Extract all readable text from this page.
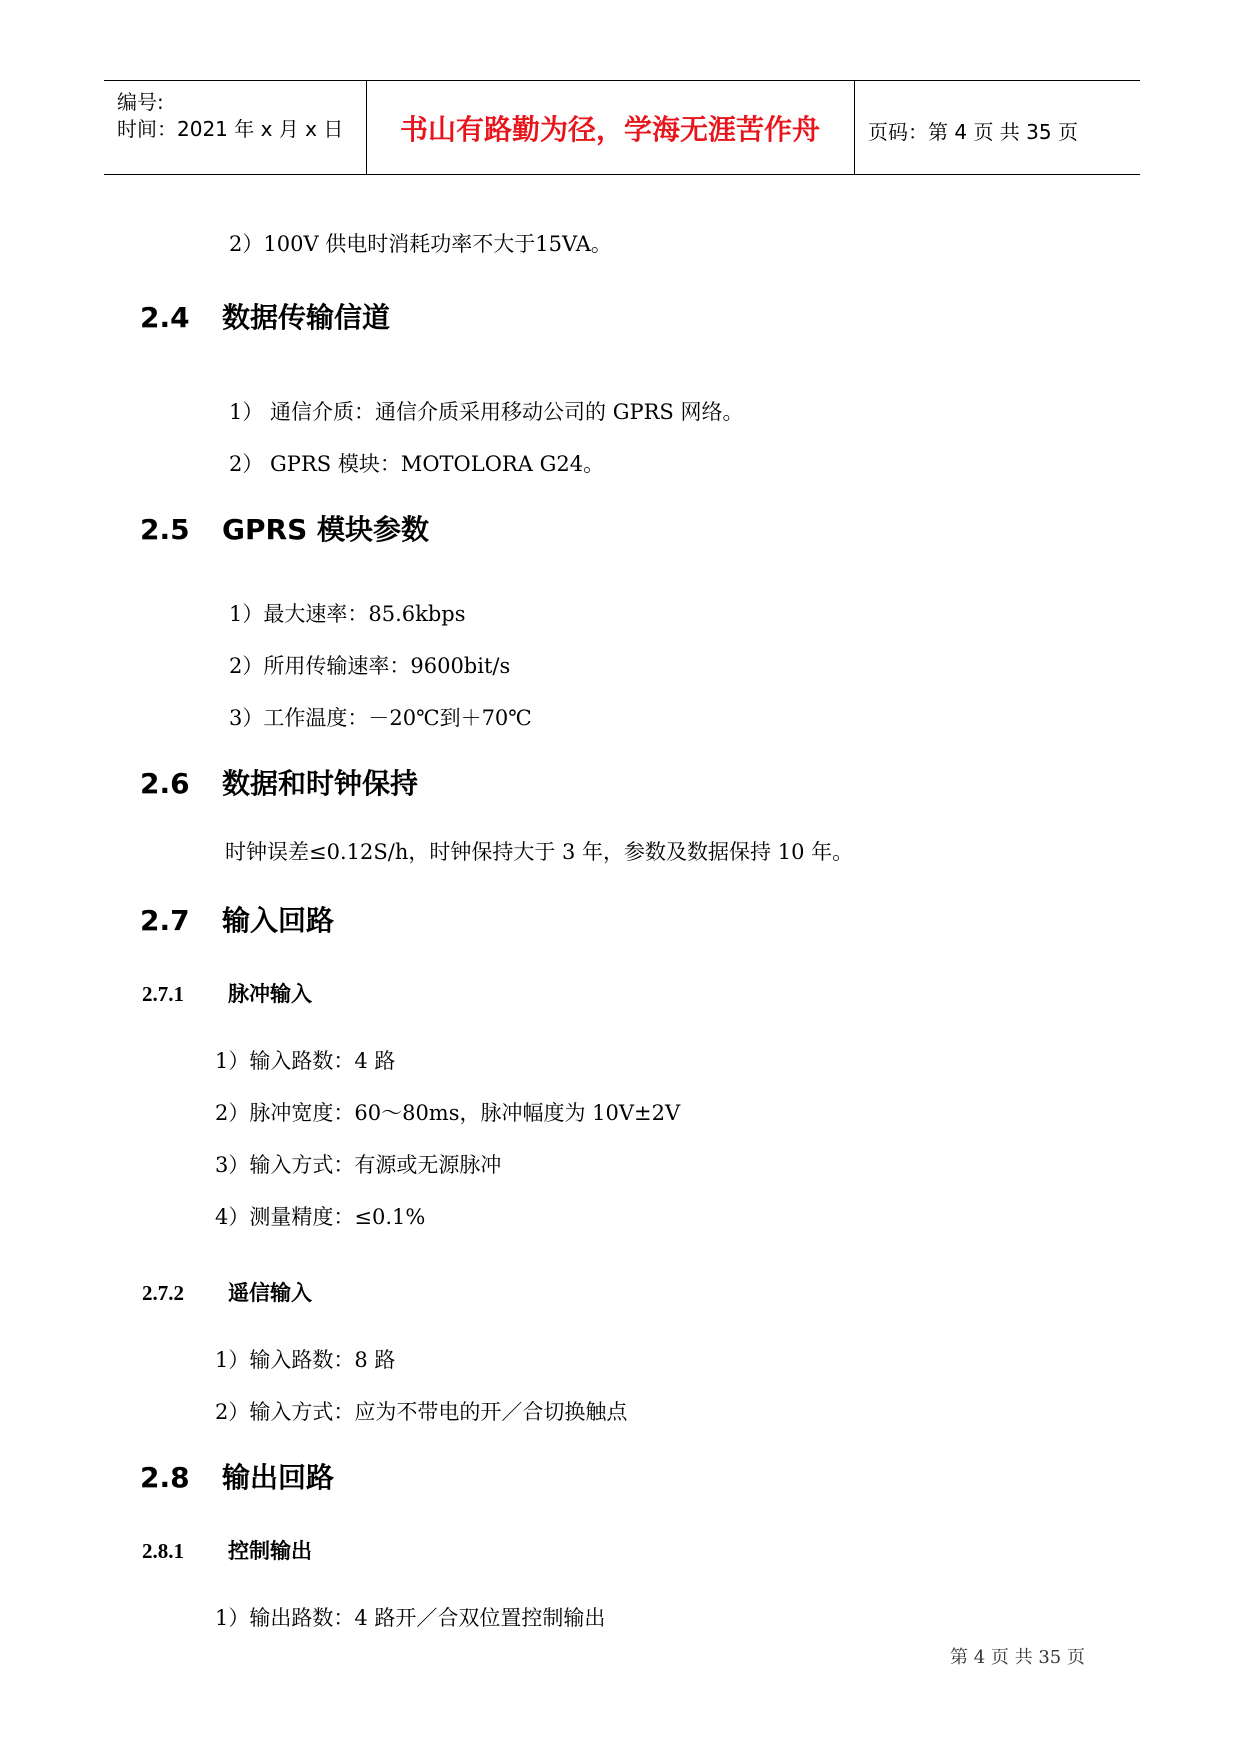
编号:
时间：2021 年 x 月 x 日	书山有路勤为径，学海无涯苦作舟	页码：第 4 页 共 35 页
2）100V 供电时消耗功率不大于15VA。
2.4 数据传输信道
1） 通信介质：通信介质采用移动公司的 GPRS 网络。
2） GPRS 模块：MOTOLORA G24。
2.5 GPRS 模块参数
1）最大速率：85.6kbps
2）所用传输速率：9600bit/s
3）工作温度：－20℃到＋70℃
2.6 数据和时钟保持
时钟误差≤0.12S/h，时钟保持大于 3 年，参数及数据保持 10 年。
2.7 输入回路
2.7.1 脉冲输入
1）输入路数：4 路
2）脉冲宽度：60～80ms，脉冲幅度为 10V±2V
3）输入方式：有源或无源脉冲
4）测量精度：≤0.1%
2.7.2 遥信输入
1）输入路数：8 路
2）输入方式：应为不带电的开／合切换触点
2.8 输出回路
2.8.1 控制输出
1）输出路数：4 路开／合双位置控制输出
第 4 页 共 35 页
